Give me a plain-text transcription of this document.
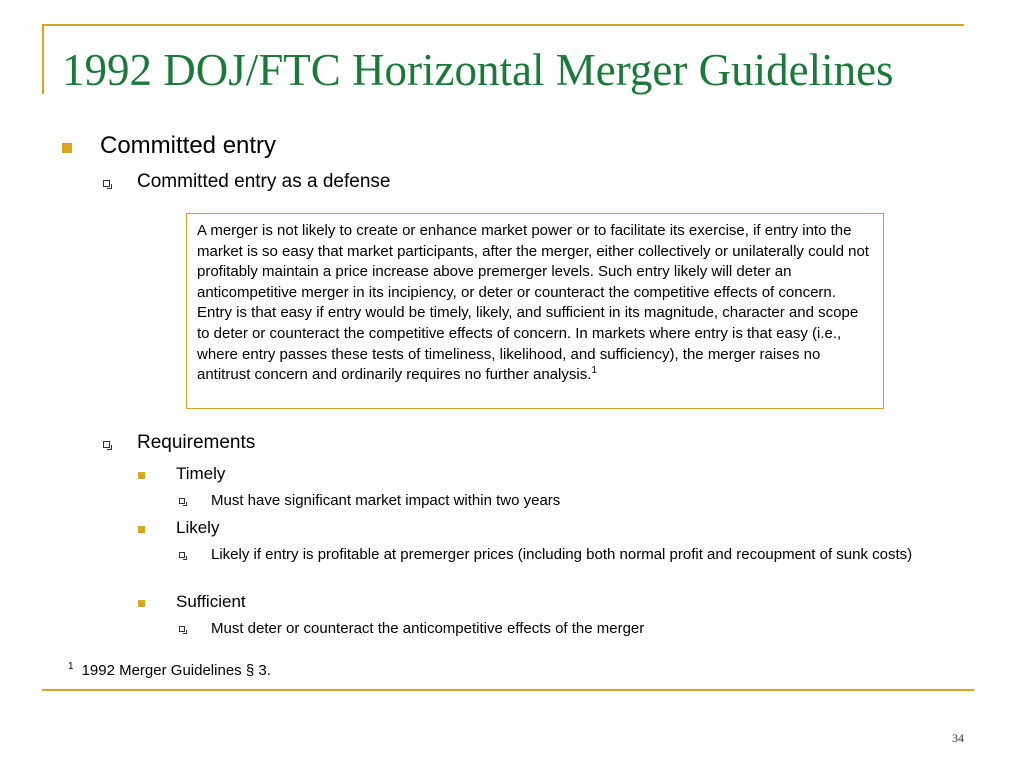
1992 DOJ/FTC Horizontal Merger Guidelines
Committed entry
Committed entry as a defense
A merger is not likely to create or enhance market power or to facilitate its exercise, if entry into the market is so easy that market participants, after the merger, either collectively or unilaterally could not profitably maintain a price increase above premerger levels. Such entry likely will deter an anticompetitive merger in its incipiency, or deter or counteract the competitive effects of concern. Entry is that easy if entry would be timely, likely, and sufficient in its magnitude, character and scope to deter or counteract the competitive effects of concern. In markets where entry is that easy (i.e., where entry passes these tests of timeliness, likelihood, and sufficiency), the merger raises no antitrust concern and ordinarily requires no further analysis.$^1$
Requirements
Timely
Must have significant market impact within two years
Likely
Likely if entry is profitable at premerger prices (including both normal profit and recoupment of sunk costs)
Sufficient
Must deter or counteract the anticompetitive effects of the merger
$^1$ 1992 Merger Guidelines § 3.
34
